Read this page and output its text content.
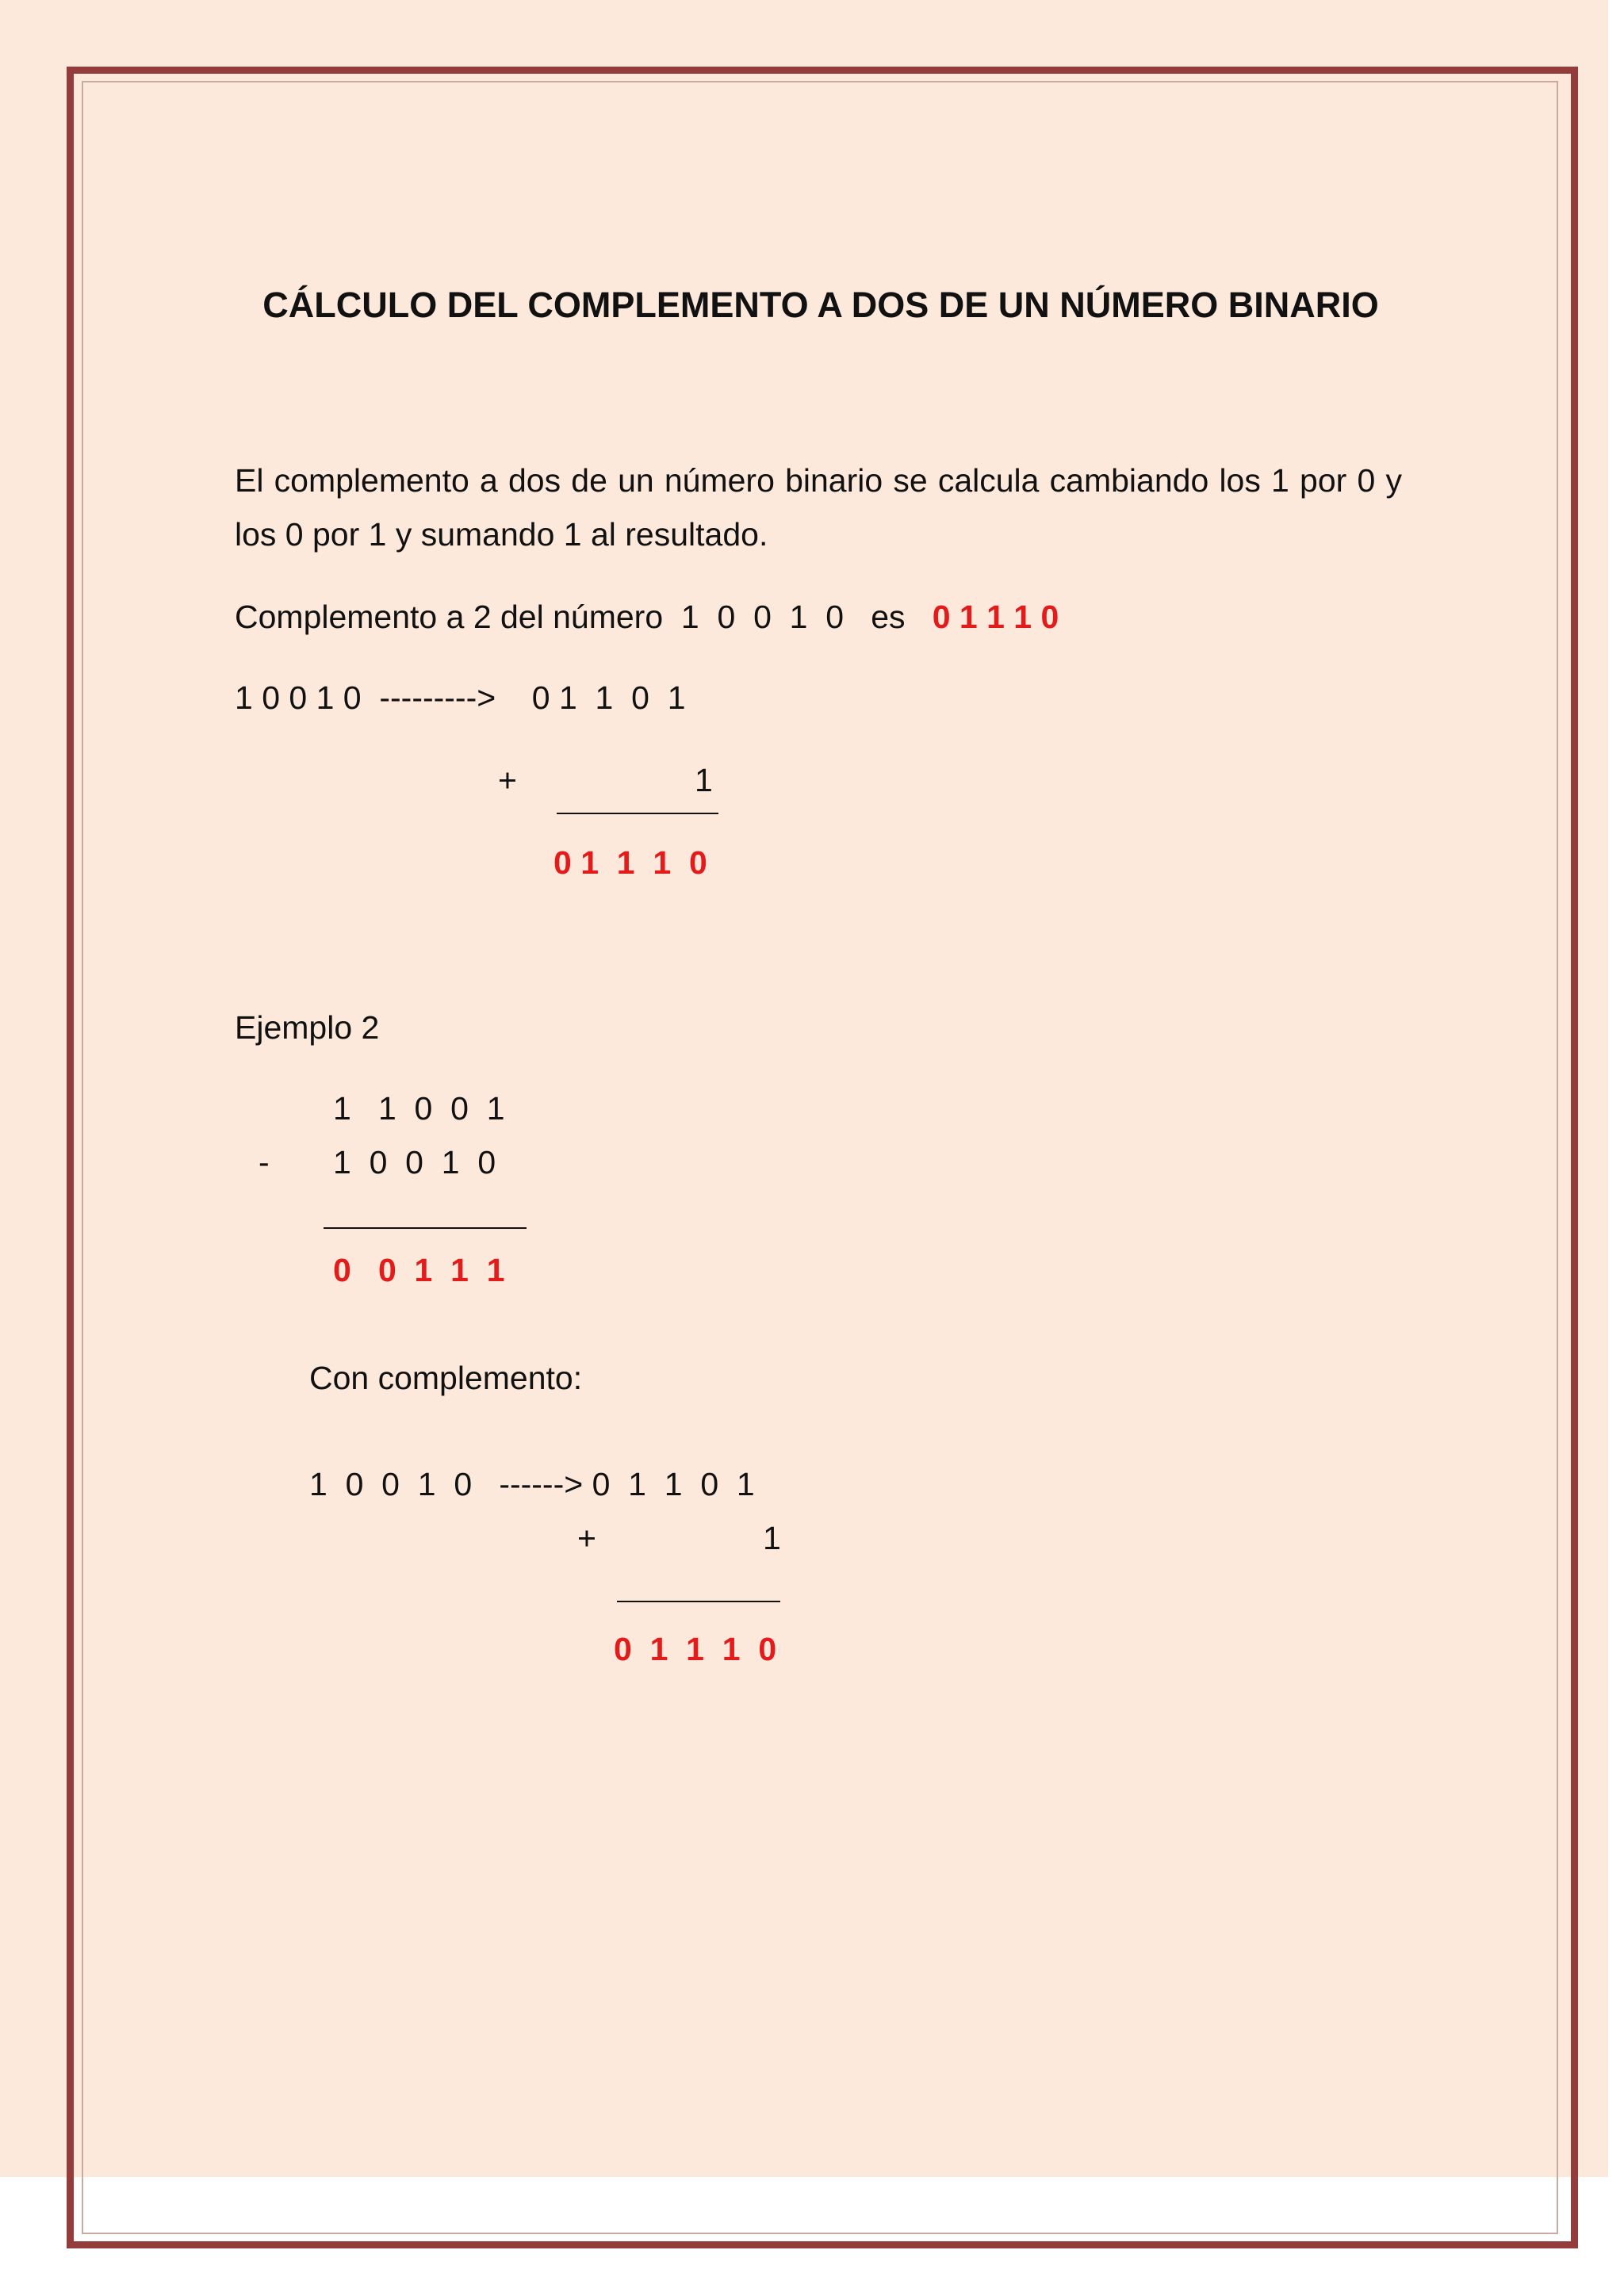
CÁLCULO DEL COMPLEMENTO A DOS DE UN NÚMERO BINARIO
El complemento a dos de un número binario se calcula cambiando los 1 por 0 y los 0 por 1 y sumando 1 al resultado.
Complemento a 2 del número  1  0  0  1  0   es 0 1 1 1 0
1 0 0 1 0  --------->    0 1  1  0  1
+	1
0 1  1  1  0
Ejemplo 2
1   1  0  0  1
- 1  0  0  1  0
0   0  1  1  1
Con complemento:
1  0  0  1  0   ------> 0  1  1  0  1
+	1
0  1  1  1  0
